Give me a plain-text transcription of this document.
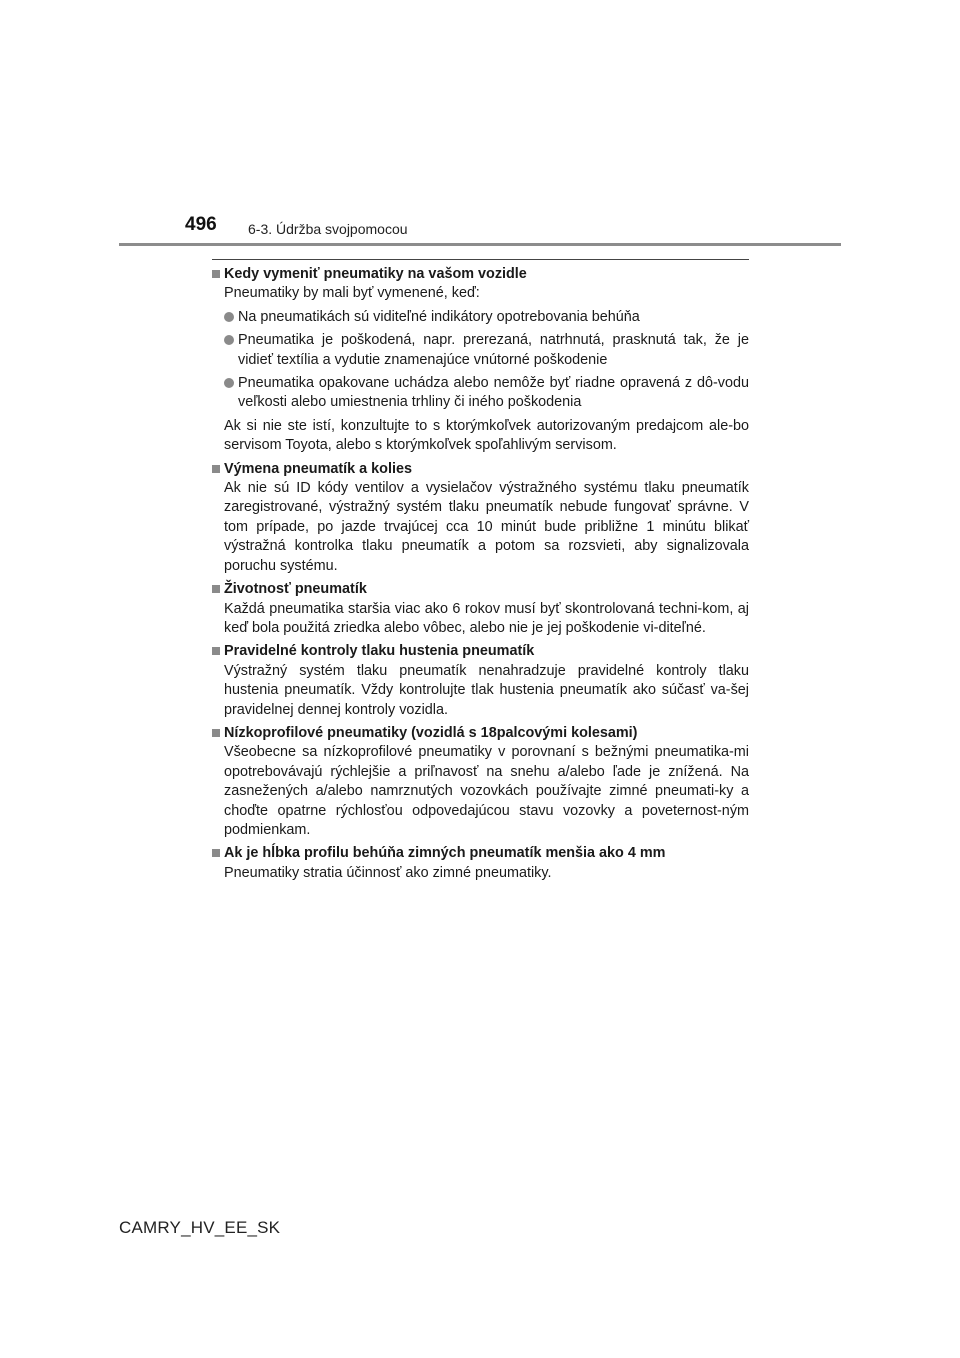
496 6-3. Údržba svojpomocou
Kedy vymeniť pneumatiky na vašom vozidle
Pneumatiky by mali byť vymenené, keď:
Na pneumatikách sú viditeľné indikátory opotrebovania behúňa
Pneumatika je poškodená, napr. prerezaná, natrhnutá, prasknutá tak, že je vidieť textília a vydutie znamenajúce vnútorné poškodenie
Pneumatika opakovane uchádza alebo nemôže byť riadne opravená z dô-vodu veľkosti alebo umiestnenia trhliny či iného poškodenia
Ak si nie ste istí, konzultujte to s ktorýmkoľvek autorizovaným predajcom ale-bo servisom Toyota, alebo s ktorýmkoľvek spoľahlivým servisom.
Výmena pneumatík a kolies
Ak nie sú ID kódy ventilov a vysielačov výstražného systému tlaku pneumatík zaregistrované, výstražný systém tlaku pneumatík nebude fungovať správne. V tom prípade, po jazde trvajúcej cca 10 minút bude približne 1 minútu blikať výstražná kontrolka tlaku pneumatík a potom sa rozsvieti, aby signalizovala poruchu systému.
Životnosť pneumatík
Každá pneumatika staršia viac ako 6 rokov musí byť skontrolovaná techni-kom, aj keď bola použitá zriedka alebo vôbec, alebo nie je jej poškodenie vi-diteľné.
Pravidelné kontroly tlaku hustenia pneumatík
Výstražný systém tlaku pneumatík nenahradzuje pravidelné kontroly tlaku hustenia pneumatík. Vždy kontrolujte tlak hustenia pneumatík ako súčasť va-šej pravidelnej dennej kontroly vozidla.
Nízkoprofilové pneumatiky (vozidlá s 18palcovými kolesami)
Všeobecne sa nízkoprofilové pneumatiky v porovnaní s bežnými pneumatika-mi opotrebovávajú rýchlejšie a priľnavosť na snehu a/alebo ľade je znížená. Na zasnežených a/alebo namrznutých vozovkách používajte zimné pneumati-ky a choďte opatrne rýchlosťou odpovedajúcou stavu vozovky a poveternost-ným podmienkam.
Ak je hĺbka profilu behúňa zimných pneumatík menšia ako 4 mm
Pneumatiky stratia účinnosť ako zimné pneumatiky.
CAMRY_HV_EE_SK
